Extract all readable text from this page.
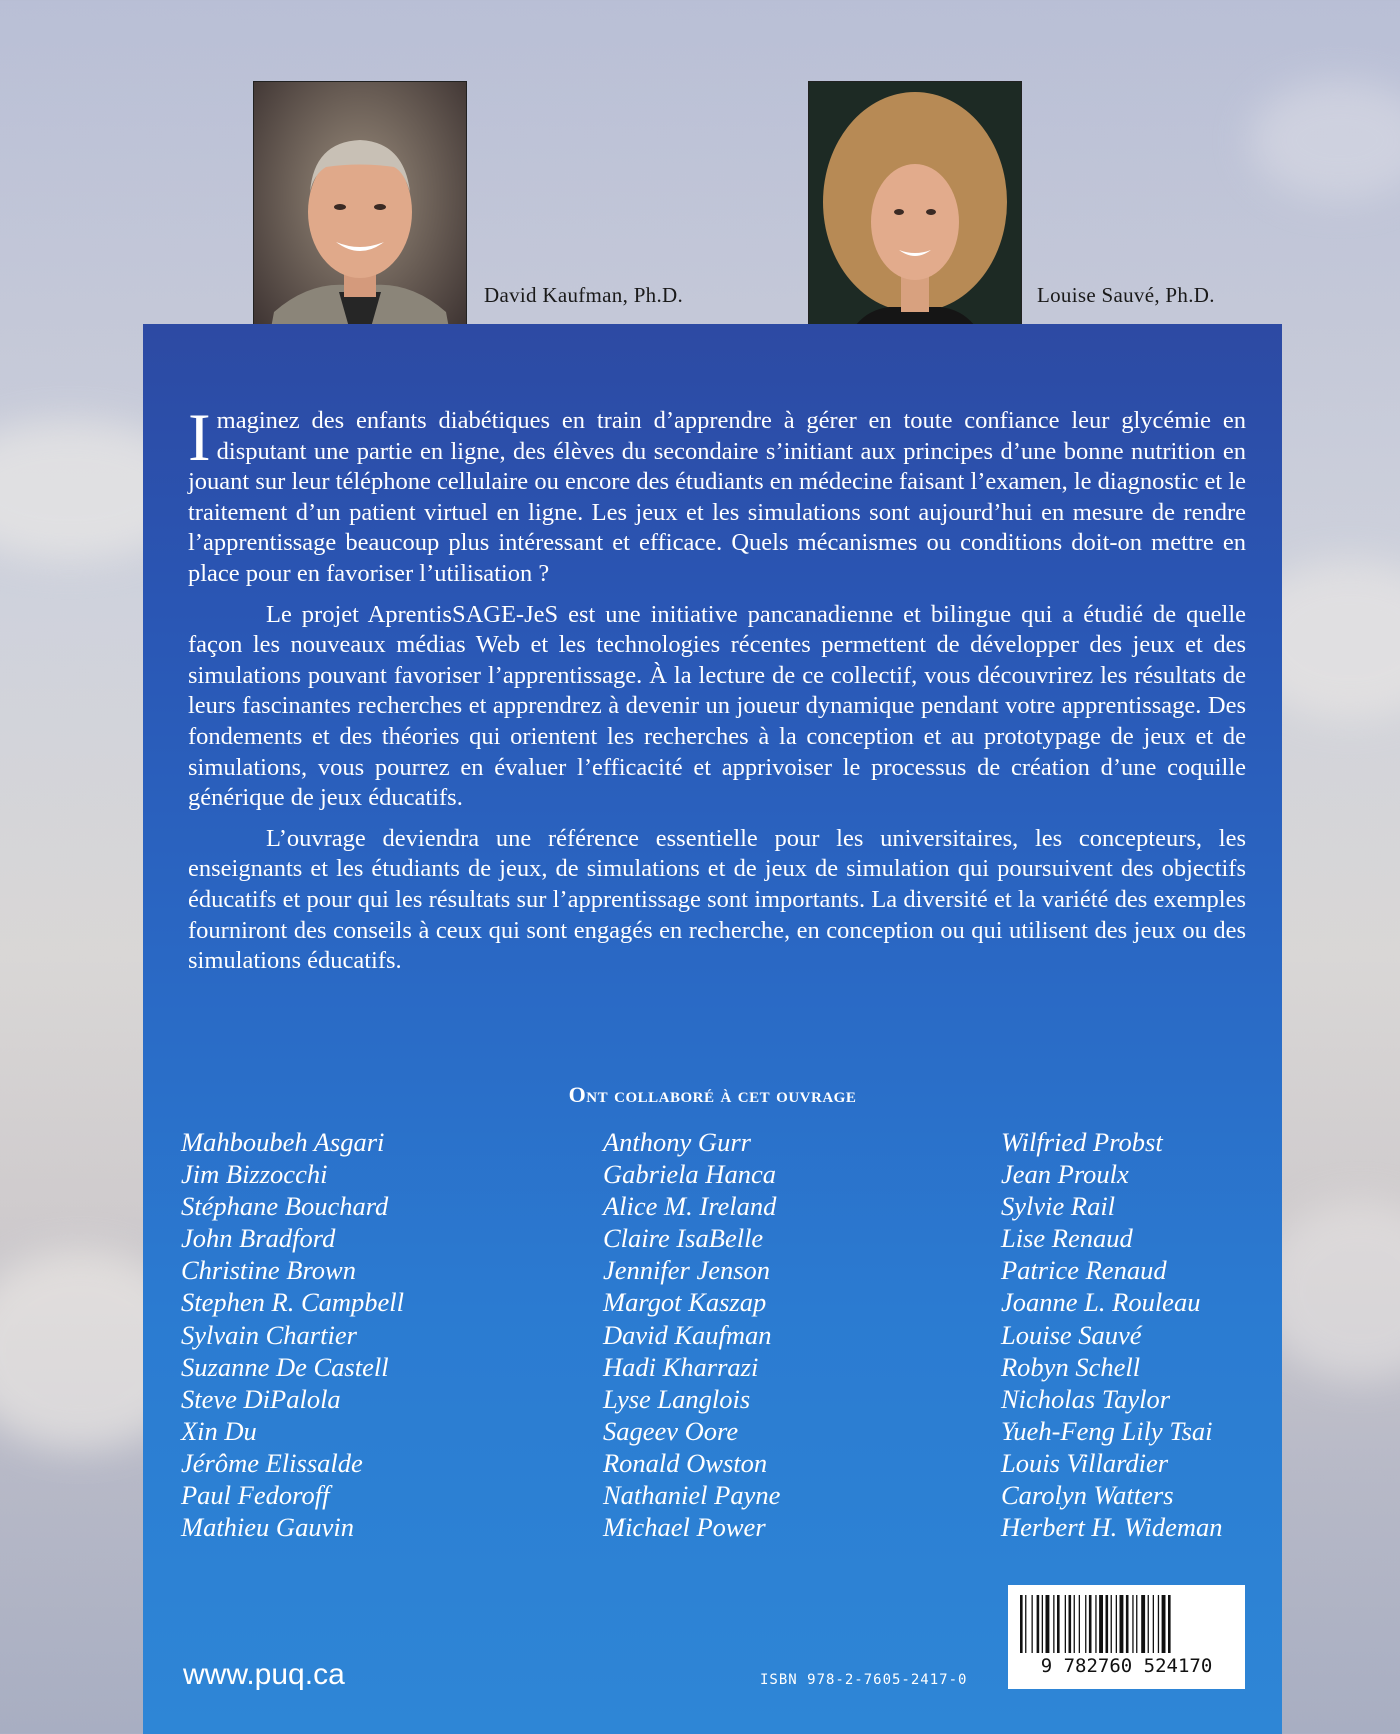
David Kaufman, Ph.D.	Louise Sauvé, Ph.D.

Imaginez des enfants diabétiques en train d’apprendre à gérer en toute confiance leur glycémie en disputant une partie en ligne, des élèves du secondaire s’initiant aux principes d’une bonne nutrition en jouant sur leur téléphone cellulaire ou encore des étudiants en médecine faisant l’examen, le diagnostic et le traitement d’un patient virtuel en ligne. Les jeux et les simulations sont aujourd’hui en mesure de rendre l’apprentissage beaucoup plus intéressant et efficace. Quels mécanismes ou conditions doit-on mettre en place pour en favoriser l’utilisation ?

Le projet AprentisSAGE-JeS est une initiative pancanadienne et bilingue qui a étudié de quelle façon les nouveaux médias Web et les technologies récentes permettent de développer des jeux et des simulations pouvant favoriser l’apprentissage. À la lecture de ce collectif, vous découvrirez les résultats de leurs fascinantes recherches et apprendrez à devenir un joueur dynamique pendant votre apprentissage. Des fondements et des théories qui orientent les recherches à la conception et au prototypage de jeux et de simulations, vous pourrez en évaluer l’efficacité et apprivoiser le processus de création d’une coquille générique de jeux éducatifs.

L’ouvrage deviendra une référence essentielle pour les universitaires, les concepteurs, les enseignants et les étudiants de jeux, de simulations et de jeux de simulation qui poursuivent des objectifs éducatifs et pour qui les résultats sur l’apprentissage sont importants. La diversité et la variété des exemples fourniront des conseils à ceux qui sont engagés en recherche, en conception ou qui utilisent des jeux ou des simulations éducatifs.

Ont collaboré à cet ouvrage
Mahboubeh Asgari
Jim Bizzocchi
Stéphane Bouchard
John Bradford
Christine Brown
Stephen R. Campbell
Sylvain Chartier
Suzanne De Castell
Steve DiPalola
Xin Du
Jérôme Elissalde
Paul Fedoroff
Mathieu Gauvin
Anthony Gurr
Gabriela Hanca
Alice M. Ireland
Claire IsaBelle
Jennifer Jenson
Margot Kaszap
David Kaufman
Hadi Kharrazi
Lyse Langlois
Sageev Oore
Ronald Owston
Nathaniel Payne
Michael Power
Wilfried Probst
Jean Proulx
Sylvie Rail
Lise Renaud
Patrice Renaud
Joanne L. Rouleau
Louise Sauvé
Robyn Schell
Nicholas Taylor
Yueh-Feng Lily Tsai
Louis Villardier
Carolyn Watters
Herbert H. Wideman
www.puq.ca	ISBN 978-2-7605-2417-0
9 782760 524170
